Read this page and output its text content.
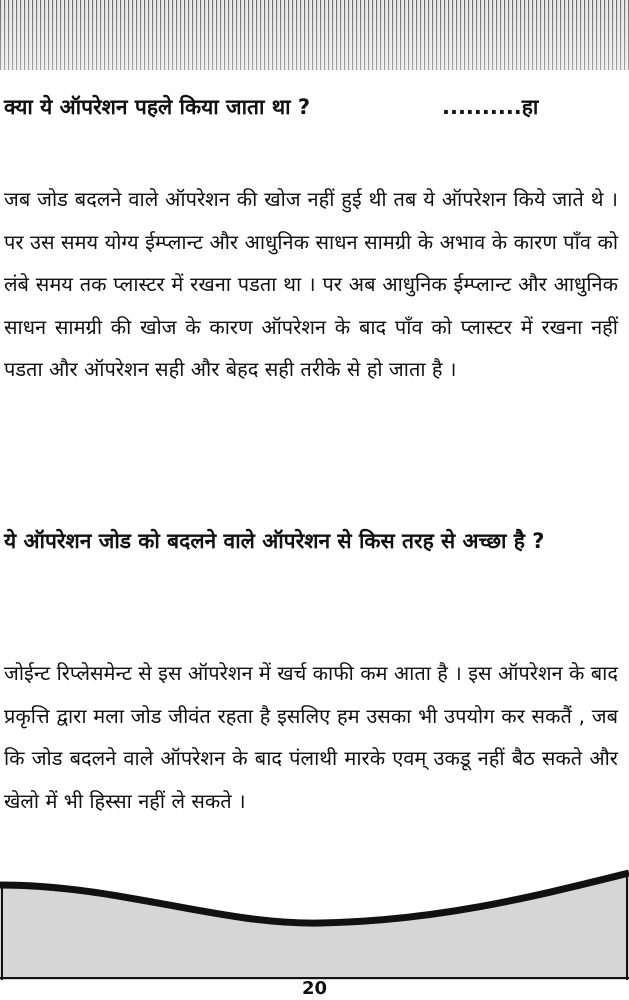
क्या ये ऑपरेशन पहले किया जाता था ?	..........हा

जब जोड बदलने वाले ऑपरेशन की खोज नहीं हुई थी तब ये ऑपरेशन किये जाते थे । पर उस समय योग्य ईम्प्लान्ट और आधुनिक साधन सामग्री के अभाव के कारण पाँव को लंबे समय तक प्लास्टर में रखना पडता था । पर अब आधुनिक ईम्प्लान्ट और आधुनिक साधन सामग्री की खोज के कारण ऑपरेशन के बाद पाँव को प्लास्टर में रखना नहीं पडता और ऑपरेशन सही और बेहद सही तरीके से हो जाता है ।

ये ऑपरेशन जोड को बदलने वाले ऑपरेशन से किस तरह से अच्छा है ?

जोईन्ट रिप्लेसमेन्ट से इस ऑपरेशन में खर्च काफी कम आता है । इस ऑपरेशन के बाद प्रकृत्ति द्वारा मला जोड जीवंत रहता है इसलिए हम उसका भी उपयोग कर सकतैं , जब कि जोड बदलने वाले ऑपरेशन के बाद पंलाथी मारके एवम् उकडू नहीं बैठ सकते और खेलो में भी हिस्सा नहीं ले सकते ।

20
